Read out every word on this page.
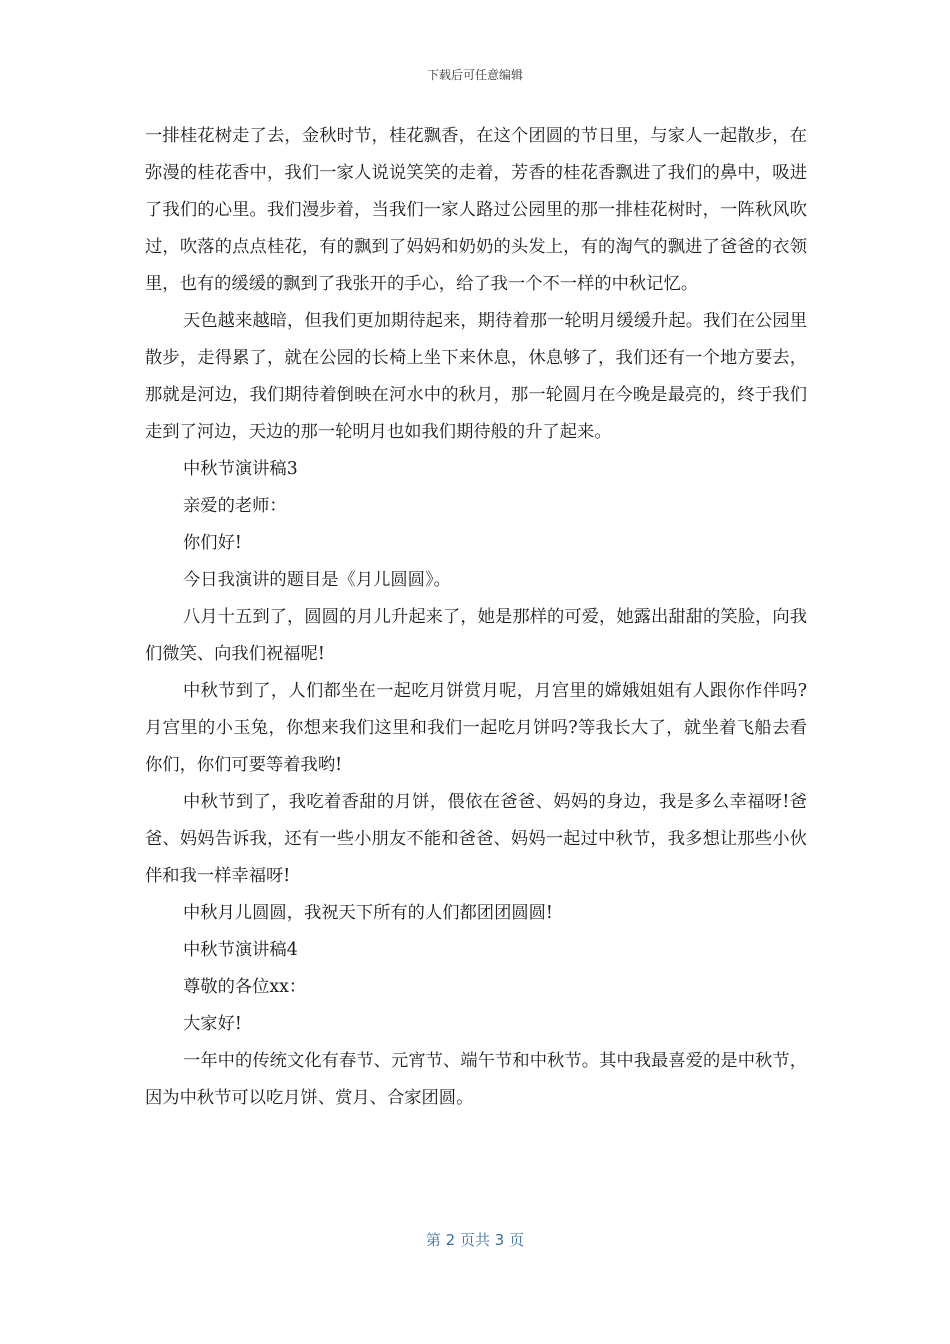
下载后可任意编辑

一排桂花树走了去，金秋时节，桂花飘香，在这个团圆的节日里，与家人一起散步，在弥漫的桂花香中，我们一家人说说笑笑的走着，芳香的桂花香飘进了我们的鼻中，吸进了我们的心里。我们漫步着，当我们一家人路过公园里的那一排桂花树时，一阵秋风吹过，吹落的点点桂花，有的飘到了妈妈和奶奶的头发上，有的淘气的飘进了爸爸的衣领里，也有的缓缓的飘到了我张开的手心，给了我一个不一样的中秋记忆。

天色越来越暗，但我们更加期待起来，期待着那一轮明月缓缓升起。我们在公园里散步，走得累了，就在公园的长椅上坐下来休息，休息够了，我们还有一个地方要去，那就是河边，我们期待着倒映在河水中的秋月，那一轮圆月在今晚是最亮的，终于我们走到了河边，天边的那一轮明月也如我们期待般的升了起来。

中秋节演讲稿3

亲爱的老师：

你们好!

今日我演讲的题目是《月儿圆圆》。

八月十五到了，圆圆的月儿升起来了，她是那样的可爱，她露出甜甜的笑脸，向我们微笑、向我们祝福呢!

中秋节到了，人们都坐在一起吃月饼赏月呢，月宫里的嫦娥姐姐有人跟你作伴吗?月宫里的小玉兔，你想来我们这里和我们一起吃月饼吗?等我长大了，就坐着飞船去看你们，你们可要等着我哟!

中秋节到了，我吃着香甜的月饼，偎依在爸爸、妈妈的身边，我是多么幸福呀!爸爸、妈妈告诉我，还有一些小朋友不能和爸爸、妈妈一起过中秋节，我多想让那些小伙伴和我一样幸福呀!

中秋月儿圆圆，我祝天下所有的人们都团团圆圆!

中秋节演讲稿4

尊敬的各位xx：

大家好!

一年中的传统文化有春节、元宵节、端午节和中秋节。其中我最喜爱的是中秋节，因为中秋节可以吃月饼、赏月、合家团圆。

第 2 页共 3 页
